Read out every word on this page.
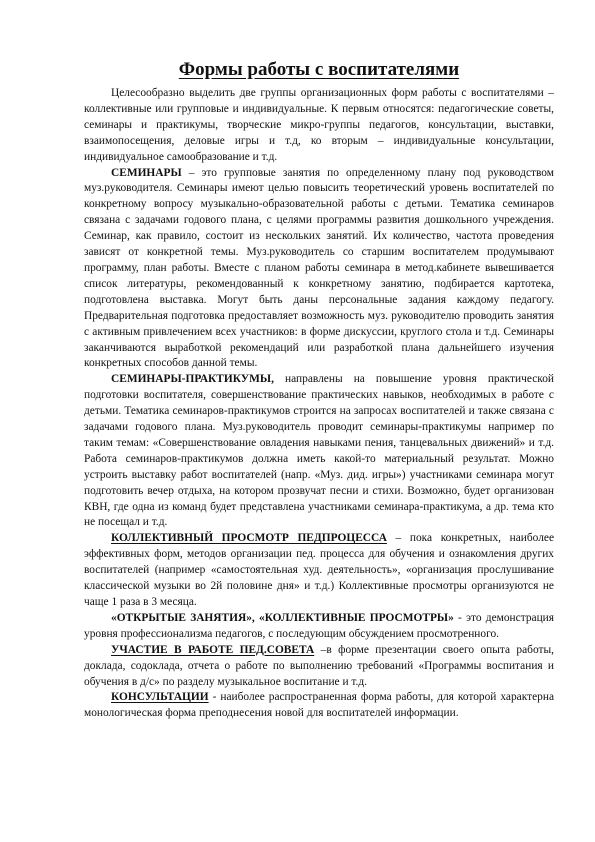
Формы работы с воспитателями

Целесообразно выделить две группы организационных форм работы с воспитателями – коллективные или групповые и индивидуальные. К первым относятся: педагогические советы, семинары и практикумы, творческие микро-группы педагогов, консультации, выставки, взаимопосещения, деловые игры и т.д, ко вторым – индивидуальные консультации, индивидуальное самообразование и т.д.

СЕМИНАРЫ – это групповые занятия по определенному плану под руководством муз.руководителя. Семинары имеют целью повысить теоретический уровень воспитателей по конкретному вопросу музыкально-образовательной работы с детьми. Тематика семинаров связана с задачами годового плана, с целями программы развития дошкольного учреждения. Семинар, как правило, состоит из нескольких занятий. Их количество, частота проведения зависят от конкретной темы. Муз.руководитель со старшим воспитателем продумывают программу, план работы. Вместе с планом работы семинара в метод.кабинете вывешивается список литературы, рекомендованный к конкретному занятию, подбирается картотека, подготовлена выставка. Могут быть даны персональные задания каждому педагогу. Предварительная подготовка предоставляет возможность муз. руководителю проводить занятия с активным привлечением всех участников: в форме дискуссии, круглого стола и т.д. Семинары заканчиваются выработкой рекомендаций или разработкой плана дальнейшего изучения конкретных способов данной темы.

СЕМИНАРЫ-ПРАКТИКУМЫ, направлены на повышение уровня практической подготовки воспитателя, совершенствование практических навыков, необходимых в работе с детьми. Тематика семинаров-практикумов строится на запросах воспитателей и также связана с задачами годового плана. Муз.руководитель проводит семинары-практикумы например по таким темам: «Совершенствование овладения навыками пения, танцевальных движений» и т.д. Работа семинаров-практикумов должна иметь какой-то материальный результат. Можно устроить выставку работ воспитателей (напр. «Муз. дид. игры») участниками семинара могут подготовить вечер отдыха, на котором прозвучат песни и стихи. Возможно, будет организован КВН, где одна из команд будет представлена участниками семинара-практикума, а др. тема кто не посещал и т.д.

КОЛЛЕКТИВНЫЙ ПРОСМОТР ПЕДПРОЦЕССА – пока конкретных, наиболее эффективных форм, методов организации пед. процесса для обучения и ознакомления других воспитателей (например «самостоятельная худ. деятельность», «организация прослушивание классической музыки во 2й половине дня» и т.д.) Коллективные просмотры организуются не чаще 1 раза в 3 месяца.

«ОТКРЫТЫЕ ЗАНЯТИЯ», «КОЛЛЕКТИВНЫЕ ПРОСМОТРЫ» - это демонстрация уровня профессионализма педагогов, с последующим обсуждением просмотренного.

УЧАСТИЕ В РАБОТЕ ПЕД.СОВЕТА –в форме презентации своего опыта работы, доклада, содоклада, отчета о работе по выполнению требований «Программы воспитания и обучения в д/с» по разделу музыкальное воспитание и т.д.

КОНСУЛЬТАЦИИ - наиболее распространенная форма работы, для которой характерна монологическая форма преподнесения новой для воспитателей информации.
